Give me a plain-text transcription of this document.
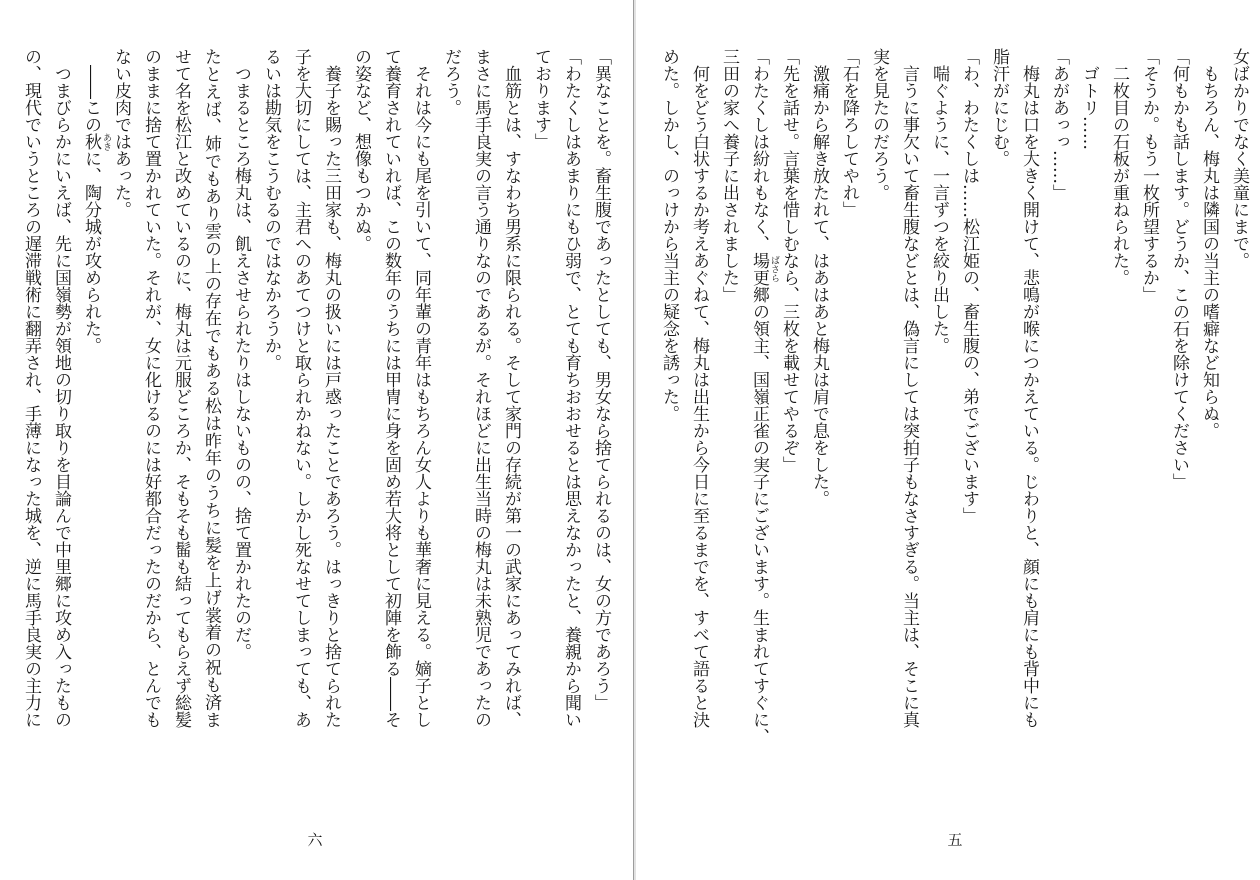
「異なことを。畜生腹であったとしても、男女なら捨てられるのは、女の方であろう」
「わたくしはあまりにもひ弱で、とても育ちおおせるとは思えなかったと、養親から聞い
ております」
　血筋とは、すなわち男系に限られる。そして家門の存続が第一の武家にあってみれば、
まさに馬手良実の言う通りなのであるが。それほどに出生当時の梅丸は未熟児であったの
だろう。
　それは今にも尾を引いて、同年輩の青年はもちろん女人よりも華奢に見える。嫡子とし
て養育されていれば、この数年のうちには甲冑に身を固め若大将として初陣を飾る――そ
の姿など、想像もつかぬ。
　養子を賜った三田家も、梅丸の扱いには戸惑ったことであろう。はっきりと捨てられた
子を大切にしては、主君へのあてつけと取られかねない。しかし死なせてしまっても、あ
るいは勘気をこうむるのではなかろうか。
　つまるところ梅丸は、飢えさせられたりはしないものの、捨て置かれたのだ。
たとえば、姉でもあり雲の上の存在でもある松は昨年のうちに髪を上げ裳着の祝も済ま
せて名を松江と改めているのに、梅丸は元服どころか、そもそも髷も結ってもらえず総髪
のままに捨て置かれていた。それが、女に化けるのには好都合だったのだから、とんでも
ない皮肉ではあった。
　――この秋 あき
に、陶分城が攻められた。
　つまびらかにいえば、先に国嶺勢が領地の切り取りを目論んで中里郷に攻め入ったもの
の、現代でいうところの遅滞戦術に翻弄され、手薄になった城を、逆に馬手良実の主力に
六
女ばかりでなく美童にまで。
　もちろん、梅丸は隣国の当主の嗜癖など知らぬ。
「何もかも話します。どうか、この石を除けてください」
「そうか。もう一枚所望するか」
　二枚目の石板が重ねられた。
　ゴトリ……
「あがあっっ……」
　梅丸は口を大きく開けて、悲鳴が喉につかえている。じわりと、顔にも肩にも背中にも
脂汗がにじむ。
「わ、わたくしは……松江姫の、畜生腹の、弟でございます」
　喘ぐように、一言ずつを絞り出した。
　言うに事欠いて畜生腹などとは、偽言にしては突拍子もなさすぎる。当主は、そこに真
実を見たのだろう。
「石を降ろしてやれ」
　激痛から解き放たれて、はあはあと梅丸は肩で息をした。
「先を話せ。言葉を惜しむなら、三枚を載せてやるぞ」
「わたくしは紛れもなく、場更 ばさら
郷の領主、国嶺正雀の実子にございます。生まれてすぐに、
三田の家へ養子に出されました」
　何をどう白状するか考えあぐねて、梅丸は出生から今日に至るまでを、すべて語ると決
めた。しかし、のっけから当主の疑念を誘った。
五
